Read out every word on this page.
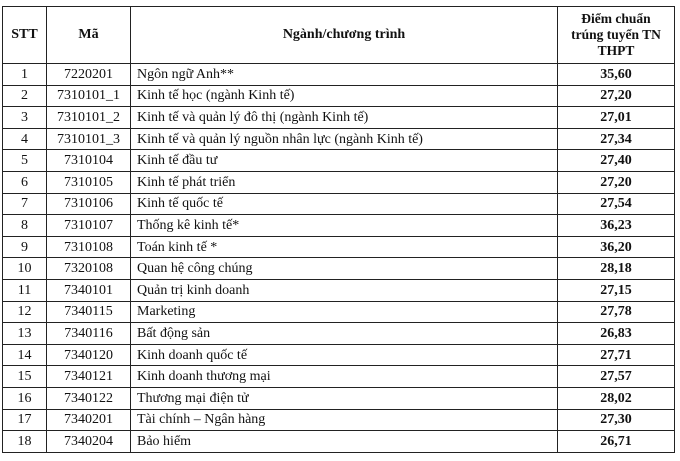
STT	Mã	Ngành/chương trình	Điểm chuẩn
trúng tuyển TN
THPT
1	7220201	Ngôn ngữ Anh**	35,60
2	7310101_1	Kinh tế học (ngành Kinh tế)	27,20
3	7310101_2	Kinh tế và quản lý đô thị (ngành Kinh tế)	27,01
4	7310101_3	Kinh tế và quản lý nguồn nhân lực (ngành Kinh tế)	27,34
5	7310104	Kinh tế đầu tư	27,40
6	7310105	Kinh tế phát triển	27,20
7	7310106	Kinh tế quốc tế	27,54
8	7310107	Thống kê kinh tế*	36,23
9	7310108	Toán kinh tế *	36,20
10	7320108	Quan hệ công chúng	28,18
11	7340101	Quản trị kinh doanh	27,15
12	7340115	Marketing	27,78
13	7340116	Bất động sản	26,83
14	7340120	Kinh doanh quốc tế	27,71
15	7340121	Kinh doanh thương mại	27,57
16	7340122	Thương mại điện tử	28,02
17	7340201	Tài chính – Ngân hàng	27,30
18	7340204	Bảo hiểm	26,71
